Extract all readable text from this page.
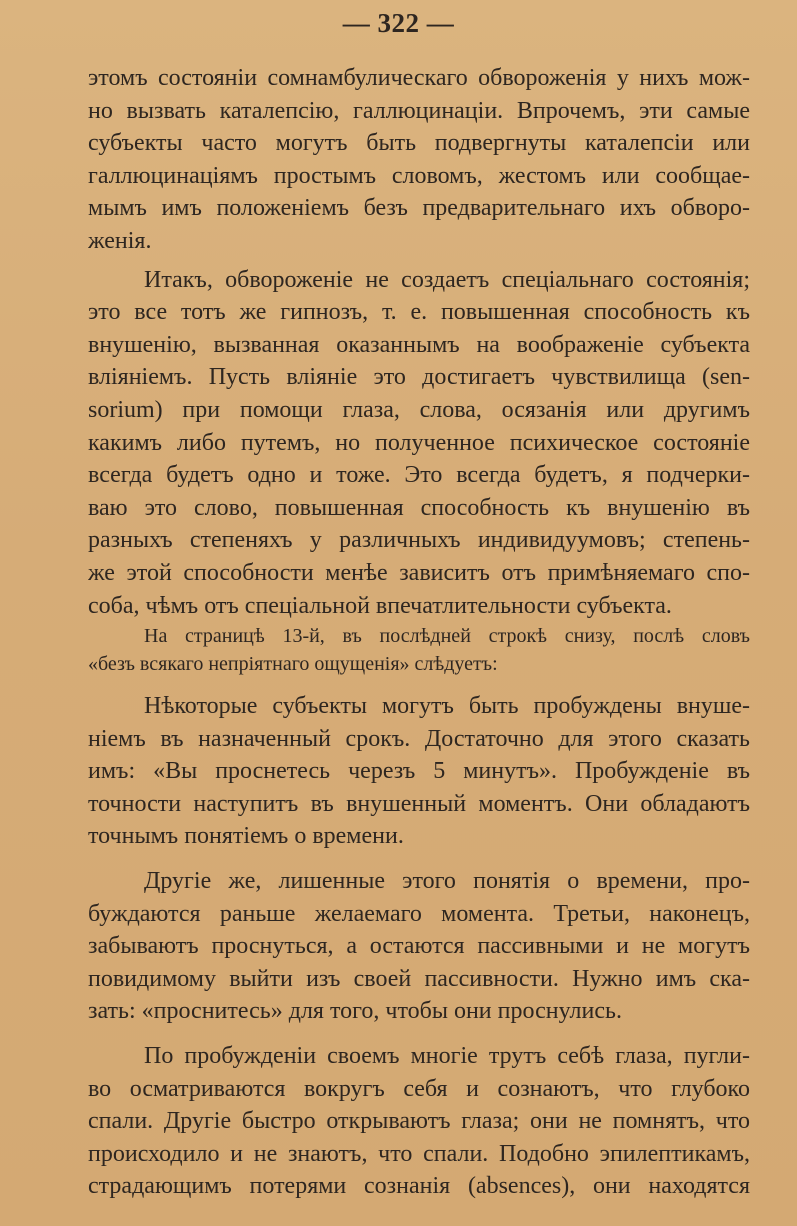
— 322 —
этомъ состоянiи сомнамбулическаго обвороженiя у нихъ мож-
но вызвать каталепсiю, галлюцинацiи. Впрочемъ, эти самые
субъекты часто могутъ быть подвергнуты каталепсiи или
галлюцинацiямъ простымъ словомъ, жестомъ или сообщае-
мымъ имъ положенiемъ безъ предварительнаго ихъ обворо-
женiя.
Итакъ, обвороженiе не создаетъ спецiальнаго состоянiя;
это все тотъ же гипнозъ, т. е. повышенная способность къ
внушенiю, вызванная оказаннымъ на воображенiе субъекта
влiянiемъ. Пусть влiянiе это достигаетъ чувствилища (sen-
sorium) при помощи глаза, слова, осязанiя или другимъ
какимъ либо путемъ, но полученное психическое состоянiе
всегда будетъ одно и тоже. Это всегда будетъ, я подчерки-
ваю это слово, повышенная способность къ внушенiю въ
разныхъ степеняхъ у различныхъ индивидуумовъ; степень-
же этой способности менѣе зависитъ отъ примѣняемаго спо-
соба, чѣмъ отъ спецiальной впечатлительности субъекта.
На страницѣ 13-й, въ послѣдней строкѣ снизу, послѣ словъ
«безъ всякаго непрiятнаго ощущенiя» слѣдуетъ:
Нѣкоторые субъекты могутъ быть пробуждены внуше-
нiемъ въ назначенный срокъ. Достаточно для этого сказать
имъ: «Вы проснетесь черезъ 5 минутъ». Пробужденiе въ
точности наступитъ въ внушенный моментъ. Они обладаютъ
точнымъ понятiемъ о времени.
Другiе же, лишенные этого понятiя о времени, про-
буждаются раньше желаемаго момента. Третьи, наконецъ,
забываютъ проснуться, а остаются пассивными и не могутъ
повидимому выйти изъ своей пассивности. Нужно имъ ска-
зать: «проснитесь» для того, чтобы они проснулись.
По пробужденiи своемъ многiе трутъ себѣ глаза, пугли-
во осматриваются вокругъ себя и сознаютъ, что глубоко
спали. Другiе быстро открываютъ глаза; они не помнятъ, что
происходило и не знаютъ, что спали. Подобно эпилептикамъ,
страдающимъ потерями сознанiя (absences), они находятся
